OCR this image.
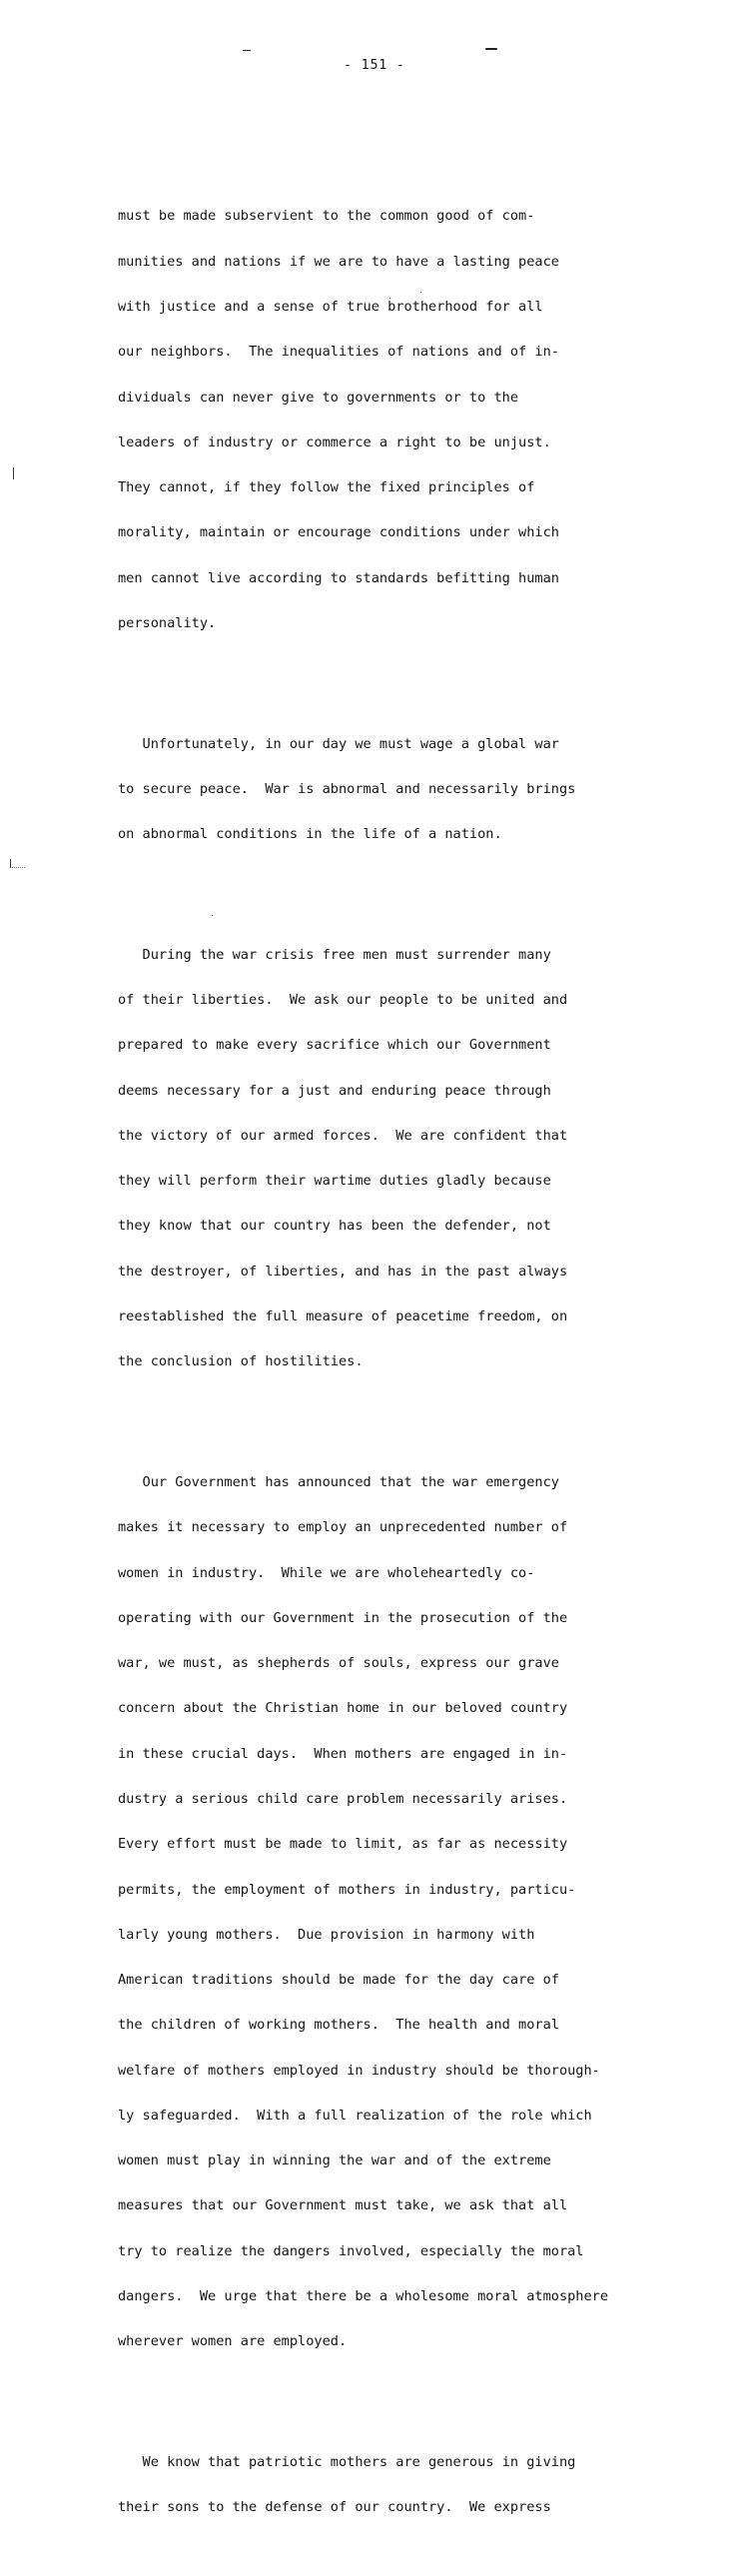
- 151 -

must be made subservient to the common good of com-

munities and nations if we are to have a lasting peace

with justice and a sense of true brotherhood for all

our neighbors.  The inequalities of nations and of in-

dividuals can never give to governments or to the

leaders of industry or commerce a right to be unjust.

They cannot, if they follow the fixed principles of

morality, maintain or encourage conditions under which

men cannot live according to standards befitting human

personality.

Unfortunately, in our day we must wage a global war

to secure peace.  War is abnormal and necessarily brings

on abnormal conditions in the life of a nation.

During the war crisis free men must surrender many

of their liberties.  We ask our people to be united and

prepared to make every sacrifice which our Government

deems necessary for a just and enduring peace through

the victory of our armed forces.  We are confident that

they will perform their wartime duties gladly because

they know that our country has been the defender, not

the destroyer, of liberties, and has in the past always

reestablished the full measure of peacetime freedom, on

the conclusion of hostilities.

Our Government has announced that the war emergency

makes it necessary to employ an unprecedented number of

women in industry.  While we are wholeheartedly co-

operating with our Government in the prosecution of the

war, we must, as shepherds of souls, express our grave

concern about the Christian home in our beloved country

in these crucial days.  When mothers are engaged in in-

dustry a serious child care problem necessarily arises.

Every effort must be made to limit, as far as necessity

permits, the employment of mothers in industry, particu-

larly young mothers.  Due provision in harmony with

American traditions should be made for the day care of

the children of working mothers.  The health and moral

welfare of mothers employed in industry should be thorough-

ly safeguarded.  With a full realization of the role which

women must play in winning the war and of the extreme

measures that our Government must take, we ask that all

try to realize the dangers involved, especially the moral

dangers.  We urge that there be a wholesome moral atmosphere

wherever women are employed.

We know that patriotic mothers are generous in giving

their sons to the defense of our country.  We express
